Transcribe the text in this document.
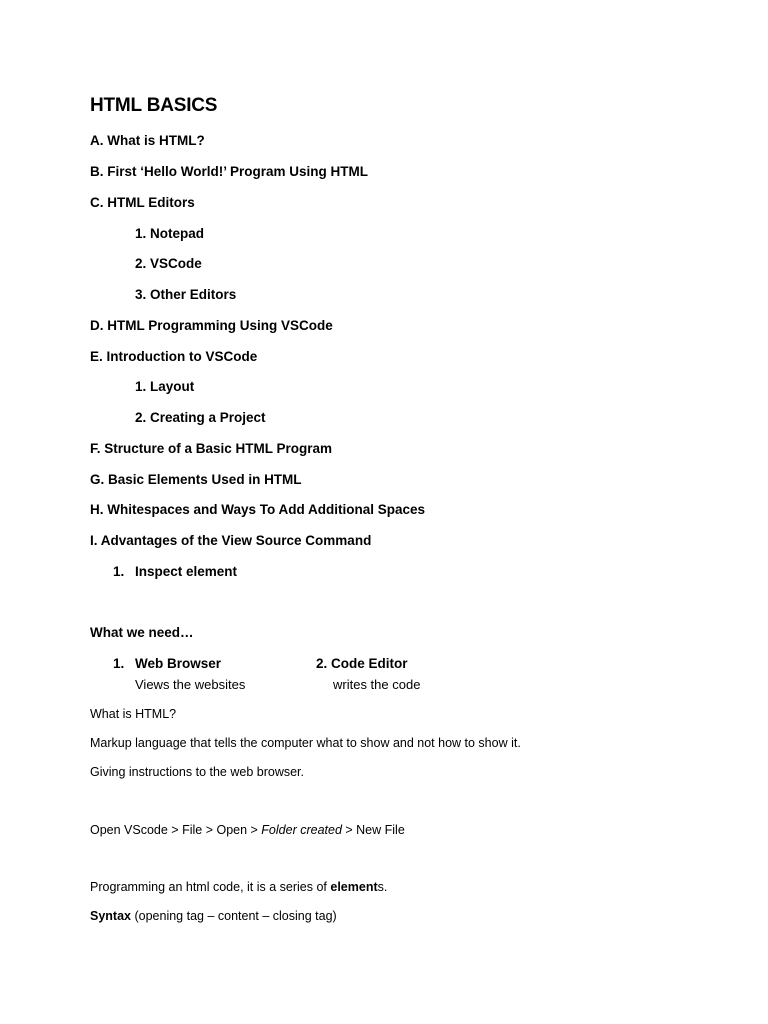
HTML BASICS
A. What is HTML?
B. First ‘Hello World!’ Program Using HTML
C. HTML Editors
1. Notepad
2. VSCode
3. Other Editors
D. HTML Programming Using VSCode
E. Introduction to VSCode
1. Layout
2. Creating a Project
F. Structure of a Basic HTML Program
G. Basic Elements Used in HTML
H. Whitespaces and Ways To Add Additional Spaces
I. Advantages of the View Source Command
1. Inspect element
What we need…
1. Web Browser	2. Code Editor
Views the websites	writes the code
What is HTML?
Markup language that tells the computer what to show and not how to show it.
Giving instructions to the web browser.
Open VScode > File > Open > Folder created > New File
Programming an html code, it is a series of elements.
Syntax (opening tag – content – closing tag)
